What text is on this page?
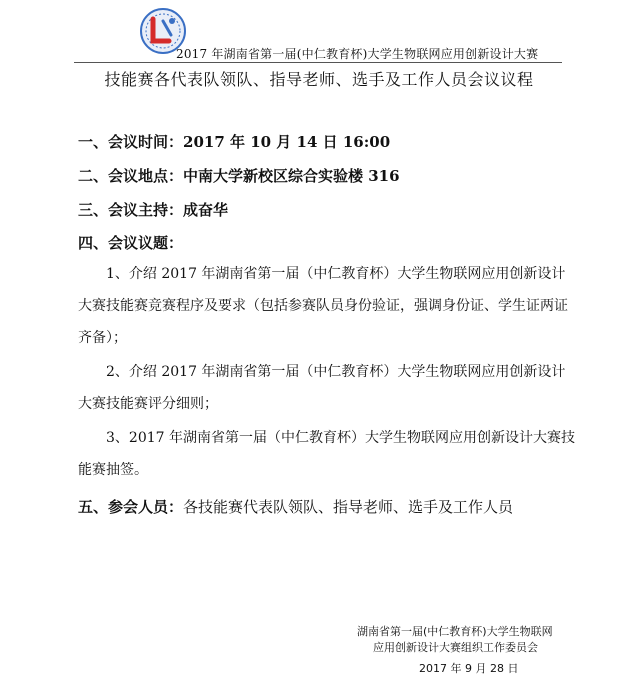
2017 年湖南省第一届(中仁教育杯)大学生物联网应用创新设计大赛
技能赛各代表队领队、指导老师、选手及工作人员会议议程
一、会议时间：2017 年 10 月 14 日 16:00
二、会议地点：中南大学新校区综合实验楼 316
三、会议主持：成奋华
四、会议议题：
1、介绍 2017 年湖南省第一届（中仁教育杯）大学生物联网应用创新设计大赛技能赛竞赛程序及要求（包括参赛队员身份验证，强调身份证、学生证两证齐备）；
2、介绍 2017 年湖南省第一届（中仁教育杯）大学生物联网应用创新设计大赛技能赛评分细则；
3、2017 年湖南省第一届（中仁教育杯）大学生物联网应用创新设计大赛技能赛抽签。
五、参会人员：各技能赛代表队领队、指导老师、选手及工作人员
湖南省第一届(中仁教育杯)大学生物联网
应用创新设计大赛组织工作委员会
2017 年 9 月 28 日
